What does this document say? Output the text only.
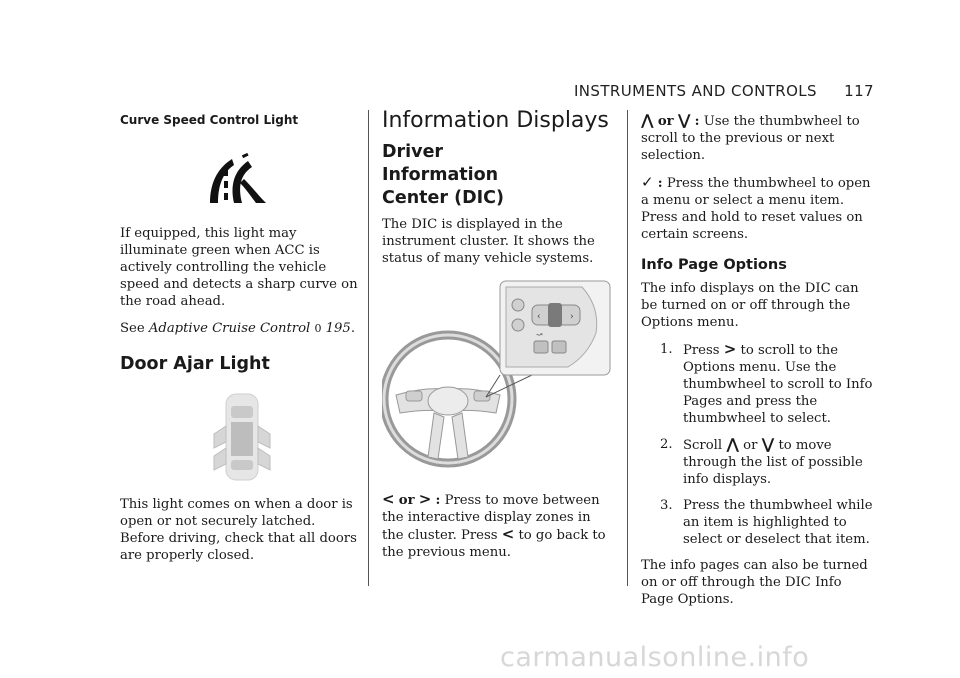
INSTRUMENTS AND CONTROLS 117
Curve Speed Control Light

If equipped, this light may illuminate green when ACC is actively controlling the vehicle speed and detects a sharp curve on the road ahead.

See Adaptive Cruise Control 0 195.

Door Ajar Light

This light comes on when a door is open or not securely latched. Before driving, check that all doors are properly closed.

Information Displays
Driver Information Center (DIC)

The DIC is displayed in the instrument cluster. It shows the status of many vehicle systems.

‹	›
⤻

< or > : Press to move between the interactive display zones in the cluster. Press < to go back to the previous menu.

⋀ or ⋁ : Use the thumbwheel to scroll to the previous or next selection.

✓ : Press the thumbwheel to open a menu or select a menu item. Press and hold to reset values on certain screens.

Info Page Options

The info displays on the DIC can be turned on or off through the Options menu.

1. Press > to scroll to the Options menu. Use the thumbwheel to scroll to Info Pages and press the thumbwheel to select.
2. Scroll ⋀ or ⋁ to move through the list of possible info displays.
3. Press the thumbwheel while an item is highlighted to select or deselect that item.

The info pages can also be turned on or off through the DIC Info Page Options.

carmanualsonline.info
